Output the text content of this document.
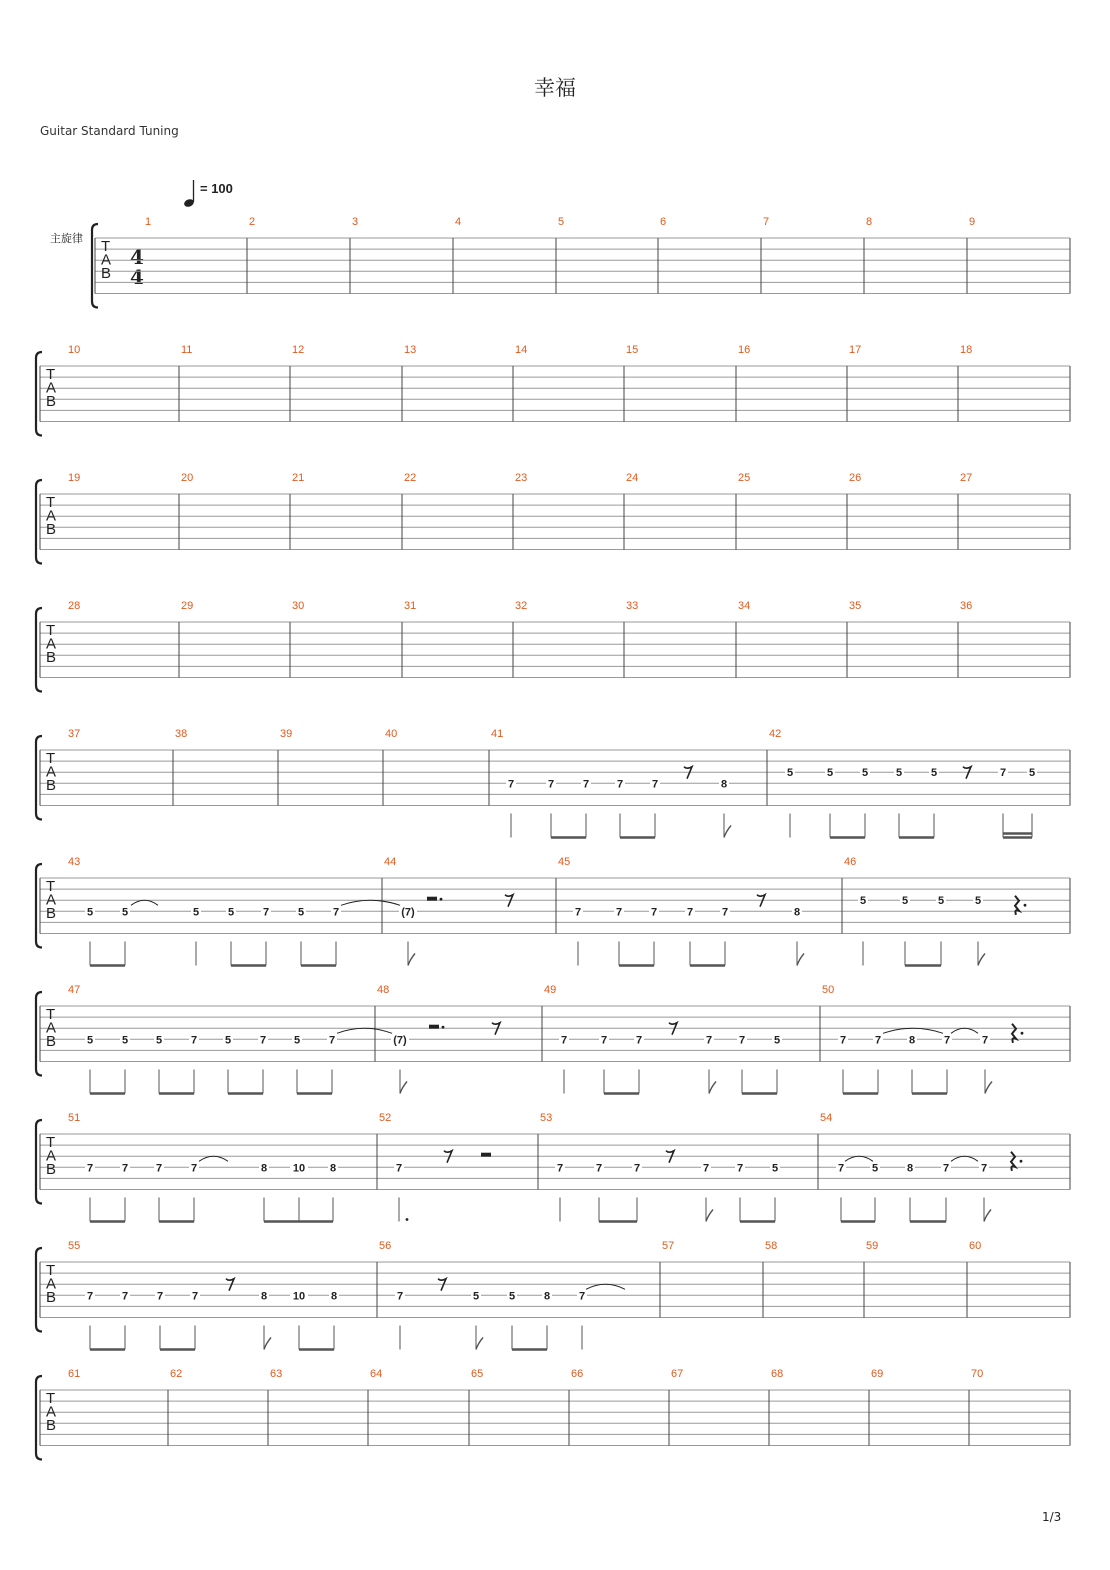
幸福
Guitar Standard Tuning
1/3
= 100
主旋律
4
4
T
A
B
1	2	3	4	5	6	7	8	9
T
A
B
10	11	12	13	14	15	16	17	18
T
A
B
19	20	21	22	23	24	25	26	27
T
A
B
28	29	30	31	32	33	34	35	36
T
A
B
37	38	39	40	41	42
7	7	7	7	7	8
5	5	5	5	5	7 5
T
A
B
43	44	45	46
5	5	5	5	7	5	7	(7)	7	7	7	7	7	8
5	5	5	5
T
A
B
47	48	49	50
5	5	5	7	5	7	5	7	(7)	7	7	7	7 7	5	7	7	8	7	7
T
A
B
51	52	53	54
7	7	7	7	8 10 8	7	7	7	7	7	7	5	7	5	8	7	7
T
A
B
55	56	57	58	59	60
7	7	7	7	8 10 8	7	5	5	8	7
T
A
B
61	62	63	64	65	66	67	68	69	70
